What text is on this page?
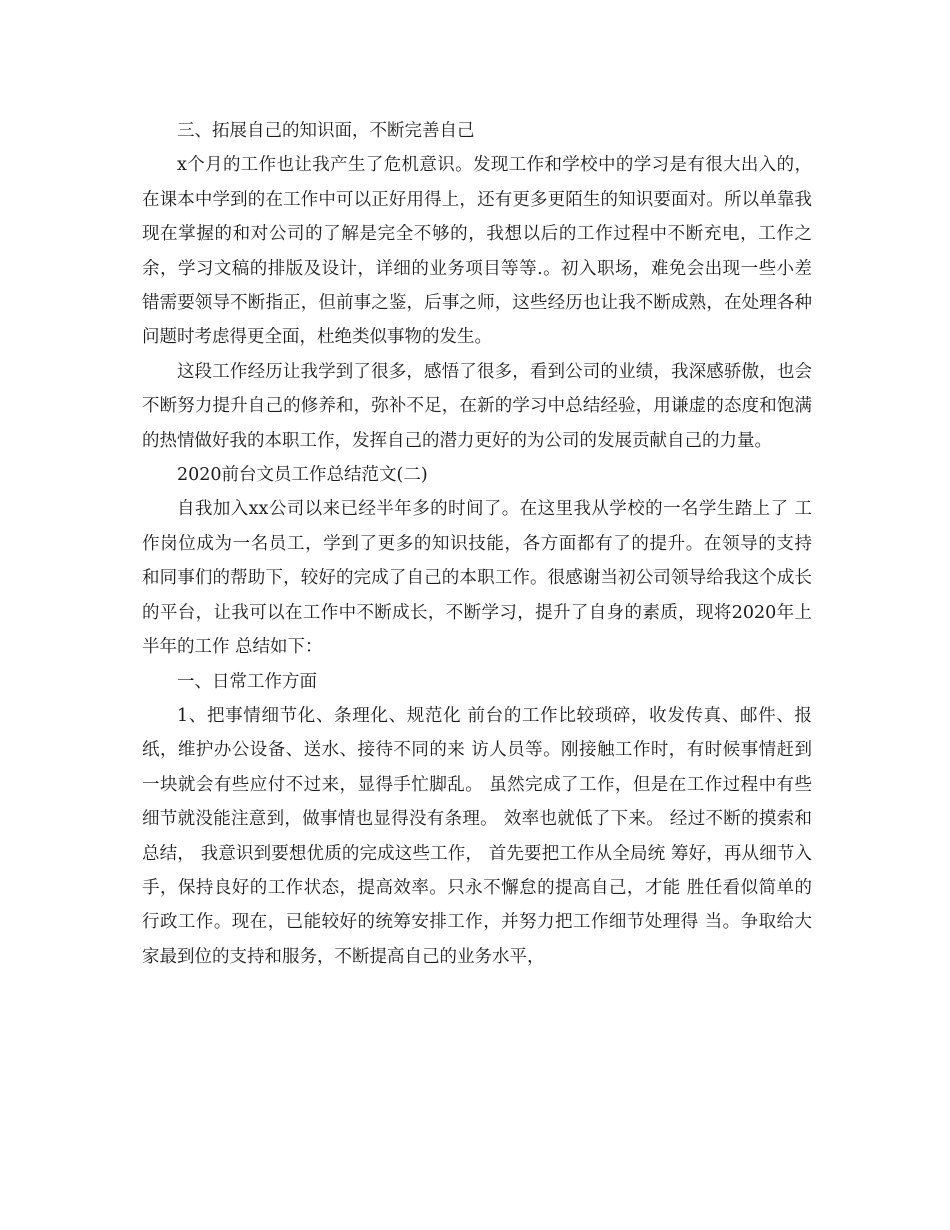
三、拓展自己的知识面，不断完善自己

x个月的工作也让我产生了危机意识。发现工作和学校中的学习是有很大出入的，在课本中学到的在工作中可以正好用得上，还有更多更陌生的知识要面对。所以单靠我现在掌握的和对公司的了解是完全不够的，我想以后的工作过程中不断充电，工作之余，学习文稿的排版及设计，详细的业务项目等等.。初入职场，难免会出现一些小差错需要领导不断指正，但前事之鉴，后事之师，这些经历也让我不断成熟，在处理各种问题时考虑得更全面，杜绝类似事物的发生。

这段工作经历让我学到了很多，感悟了很多，看到公司的业绩，我深感骄傲，也会不断努力提升自己的修养和，弥补不足，在新的学习中总结经验，用谦虚的态度和饱满的热情做好我的本职工作，发挥自己的潜力更好的为公司的发展贡献自己的力量。

2020前台文员工作总结范文(二)

自我加入xx公司以来已经半年多的时间了。在这里我从学校的一名学生踏上了 工作岗位成为一名员工，学到了更多的知识技能，各方面都有了的提升。在领导的支持 和同事们的帮助下，较好的完成了自己的本职工作。很感谢当初公司领导给我这个成长 的平台，让我可以在工作中不断成长，不断学习，提升了自身的素质，现将2020年上半年的工作 总结如下：

一、日常工作方面

1、把事情细节化、条理化、规范化 前台的工作比较琐碎，收发传真、邮件、报纸，维护办公设备、送水、接待不同的来 访人员等。刚接触工作时，有时候事情赶到一块就会有些应付不过来，显得手忙脚乱。 虽然完成了工作，但是在工作过程中有些细节就没能注意到，做事情也显得没有条理。 效率也就低了下来。 经过不断的摸索和总结， 我意识到要想优质的完成这些工作， 首先要把工作从全局统 筹好，再从细节入手，保持良好的工作状态，提高效率。只永不懈怠的提高自己，才能 胜任看似简单的行政工作。现在，已能较好的统筹安排工作，并努力把工作细节处理得 当。争取给大家最到位的支持和服务，不断提高自己的业务水平，
